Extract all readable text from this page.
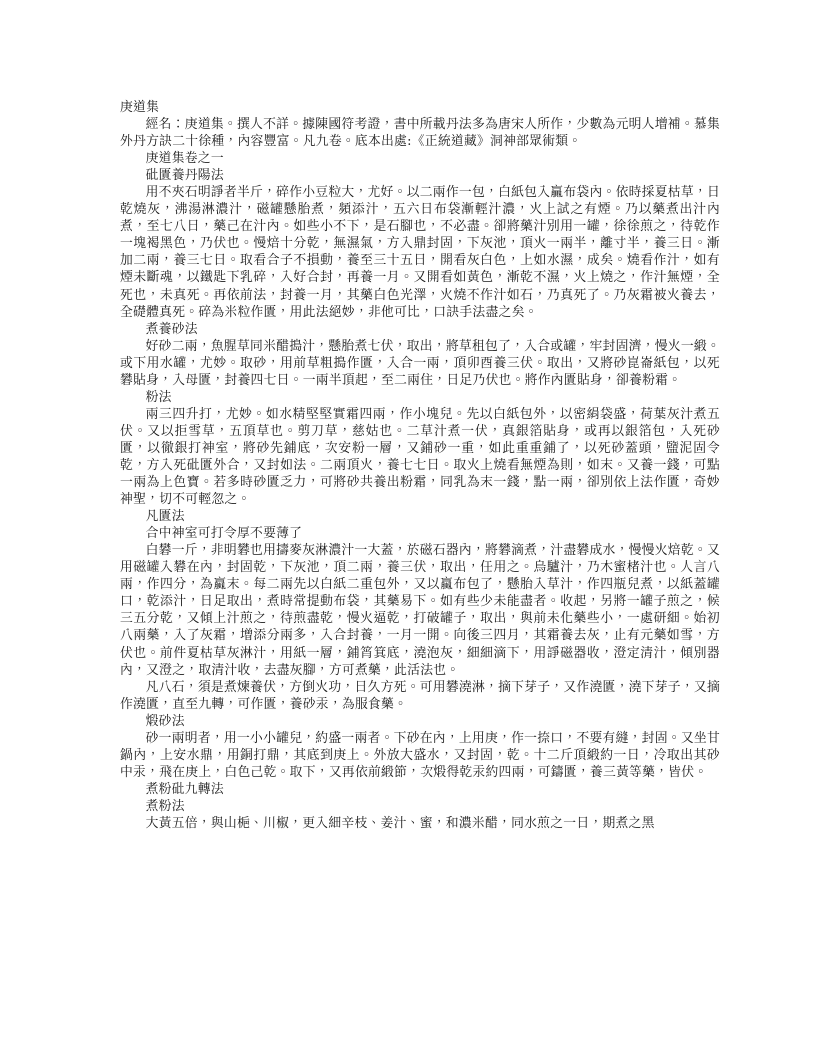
庚道集

經名：庚道集。撰人不詳。據陳國符考證，書中所載丹法多為唐宋人所作，少數為元明人增補。慕集外丹方訣二十徐種，內容豐富。凡九卷。底本出處:《正統道藏》洞神部眾術類。

庚道集卷之一

砒匱養丹陽法

用不夾石明諍者半斤，碎作小豆粒大，尤好。以二兩作一包，白紙包入贏布袋內。依時採夏枯草，日乾燒灰，沸湯淋濃汁，磁罐懸胎煮，頻添汁，五六日布袋漸輕汁濃，火上試之有煙。乃以藥煮出汁內煮，至七八日，藥己在汁內。如些小不下，是石腳也，不必盡。卻將藥汁別用一罐，徐徐煎之，待乾作一塊褐黑色，乃伏也。慢焙十分乾，無濕氣，方入鼎封固，下灰池，頂火一兩半，離寸半，養三日。漸加二兩，養三七日。取看合子不損動，養至三十五日，開看灰白色，上如水濕，成矣。燒看作汁，如有煙未斷魂，以鐵匙下乳碎，入好合封，再養一月。又開看如黃色，漸乾不濕，火上燒之，作汁無煙，全死也，未真死。再依前法，封養一月，其藥白色光澤，火燒不作汁如石，乃真死了。乃灰霜被火養去，全礎體真死。碎為米粒作匱，用此法絕妙，非他可比，口訣手法盡之矣。

煮養砂法

好砂二兩，魚腥草同米醋搗汁，懸胎煮七伏，取出，將草租包了，入合或罐，牢封固濟，慢火一緞。或下用水罐，尤妙。取砂，用前草粗搗作匱，入合一兩，頂卯酉養三伏。取出，又將砂崑崙紙包，以死礬貼身，入母匱，封養四七日。一兩半頂起，至二兩住，日足乃伏也。將作內匱貼身，卻養粉霜。

粉法

兩三四升打，尤妙。如水精堅堅實霜四兩，作小塊兒。先以白紙包外，以密絹袋盛，荷葉灰汁煮五伏。又以拒雪草，五頂草也。剪刀草，慈姑也。二草汁煮一伏，真銀箔貼身，或再以銀箔包，入死砂匱，以徹銀打神室，將砂先鋪底，次安粉一層，又鋪砂一重，如此重重鋪了，以死砂蓋頭，盬泥固令乾，方入死砒匱外合，又封如法。二兩頂火，養七七日。取火上燒看無煙為則，如末。又養一錢，可點一兩為上色寶。若多時砂匱乏力，可將砂共養出粉霜，同乳為末一錢，點一兩，卻別依上法作匱，奇妙神聖，切不可輕忽之。

凡匱法

合中神室可打令厚不要薄了

白礬一斤，非明礬也用擣麥灰淋濃汁一大蓋，於磁石器內，將礬滴煮，汁盡礬成水，慢慢火焙乾。又用磁罐入礬在內，封固乾，下灰池，頂二兩，養三伏，取出，任用之。烏驢汁，乃木蜜楮汁也。人言八兩，作四分，為蠃末。每二兩先以白紙二重包外，又以蠃布包了，懸胎入草汁，作四瓶兒煮，以紙蓋罐口，乾添汁，日足取出，煮時常提動布袋，其藥易下。如有些少未能盡者。收起，另將一罐子煎之，候三五分乾，又傾上汁煎之，待煎盡乾，慢火逼乾，打破罐子，取出，與前未化藥些小，一處研細。始初八兩藥，入了灰霜，增添分兩多，入合封養，一月一開。向後三四月，其霜養去灰，止有元藥如雪，方伏也。前件夏枯草灰淋汁，用紙一層，鋪筲箕底，澆泡灰，細細滴下，用諍磁器收，澄定清汁，傾別器內，又澄之，取清汁收，去盡灰腳，方可煮藥，此活法也。

凡八石，須是煮煉養伏，方倒火功，日久方死。可用礬澆淋，摘下芽子，又作澆匱，澆下芽子，又摘作澆匱，直至九轉，可作匱，養砂汞，為服食藥。

煅砂法

砂一兩明者，用一小小罐兒，約盛一兩者。下砂在內，上用庚，作一捺口，不要有縫，封固。又坐甘鍋內，上安水鼎，用銅打鼎，其底到庚上。外放大盛水，又封固，乾。十二斤頂緞約一日，冷取出其砂中汞，飛在庚上，白色己乾。取下，又再依前緞節，次煅得乾汞約四兩，可鑄匱，養三黃等藥，皆伏。

煮粉砒九轉法

煮粉法

大黃五倍，與山梔、川椒，更入細辛枝、姜汁、蜜，和濃米醋，同水煎之一日，期煮之黑
